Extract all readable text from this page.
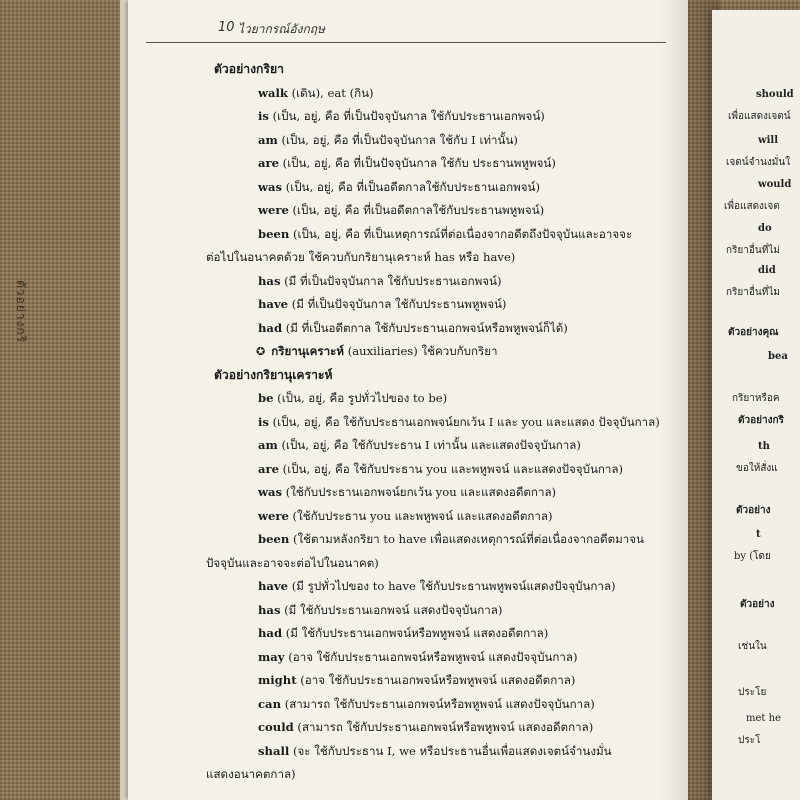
ตัวอย่างกริ
should
เพื่อแสดงเจตน์
will
เจตน์จำนงมั่นใ
would
เพื่อแสดงเจต
do
กริยาอื่นที่ไม่
did
กริยาอื่นที่ไม
ตัวอย่างคุณ
bea
กริยาหรือค
ตัวอย่างกริ
th
ขอให้สั่งแ
ตัวอย่าง
t
by (โดย
ตัวอย่าง
เช่นใน
ประโย
met he
ประโ
10 ไวยากรณ์อังกฤษ
ตัวอย่างกริยา
walk (เดิน), eat (กิน)
is (เป็น, อยู่, คือ ที่เป็นปัจจุบันกาล ใช้กับประธานเอกพจน์)
am (เป็น, อยู่, คือ ที่เป็นปัจจุบันกาล ใช้กับ I เท่านั้น)
are (เป็น, อยู่, คือ ที่เป็นปัจจุบันกาล ใช้กับ ประธานพหูพจน์)
was (เป็น, อยู่, คือ ที่เป็นอดีตกาลใช้กับประธานเอกพจน์)
were (เป็น, อยู่, คือ ที่เป็นอดีตกาลใช้กับประธานพหูพจน์)
been (เป็น, อยู่, คือ ที่เป็นเหตุการณ์ที่ต่อเนื่องจากอดีตถึงปัจจุบันและอาจจะ
ต่อไปในอนาคตด้วย ใช้ควบกับกริยานุเคราะห์ has หรือ have)
has (มี ที่เป็นปัจจุบันกาล ใช้กับประธานเอกพจน์)
have (มี ที่เป็นปัจจุบันกาล ใช้กับประธานพหูพจน์)
had (มี ที่เป็นอดีตกาล ใช้กับประธานเอกพจน์หรือพหูพจน์ก็ได้)
✪ กริยานุเคราะห์ (auxiliaries) ใช้ควบกับกริยา
ตัวอย่างกริยานุเคราะห์
be (เป็น, อยู่, คือ รูปทั่วไปของ to be)
is (เป็น, อยู่, คือ ใช้กับประธานเอกพจน์ยกเว้น I และ you และแสดง ปัจจุบันกาล)
am (เป็น, อยู่, คือ ใช้กับประธาน I เท่านั้น และแสดงปัจจุบันกาล)
are (เป็น, อยู่, คือ ใช้กับประธาน you และพหูพจน์ และแสดงปัจจุบันกาล)
was (ใช้กับประธานเอกพจน์ยกเว้น you และแสดงอดีตกาล)
were (ใช้กับประธาน you และพหูพจน์ และแสดงอดีตกาล)
been (ใช้ตามหลังกริยา to have เพื่อแสดงเหตุการณ์ที่ต่อเนื่องจากอดีตมาจน
ปัจจุบันและอาจจะต่อไปในอนาคต)
have (มี รูปทั่วไปของ to have ใช้กับประธานพหูพจน์แสดงปัจจุบันกาล)
has (มี ใช้กับประธานเอกพจน์ แสดงปัจจุบันกาล)
had (มี ใช้กับประธานเอกพจน์หรือพหูพจน์ แสดงอดีตกาล)
may (อาจ ใช้กับประธานเอกพจน์หรือพหูพจน์ แสดงปัจจุบันกาล)
might (อาจ ใช้กับประธานเอกพจน์หรือพหูพจน์ แสดงอดีตกาล)
can (สามารถ ใช้กับประธานเอกพจน์หรือพหูพจน์ แสดงปัจจุบันกาล)
could (สามารถ ใช้กับประธานเอกพจน์หรือพหูพจน์ แสดงอดีตกาล)
shall (จะ ใช้กับประธาน I, we หรือประธานอื่นเพื่อแสดงเจตน์จำนงมั่น
แสดงอนาคตกาล)
